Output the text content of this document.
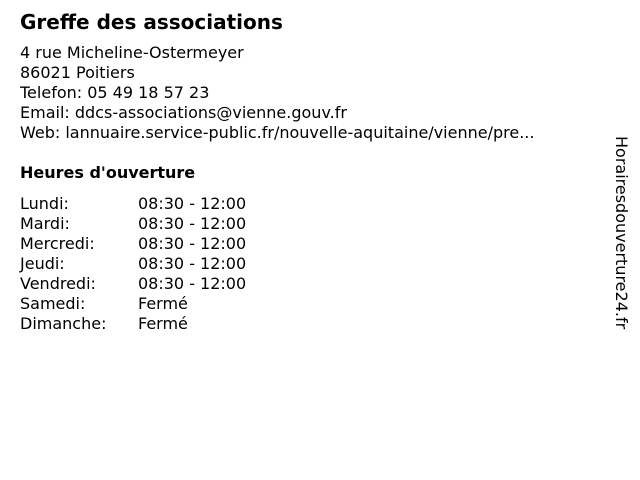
Greffe des associations
4 rue Micheline-Ostermeyer
86021 Poitiers
Telefon: 05 49 18 57 23
Email: ddcs-associations@vienne.gouv.fr
Web: lannuaire.service-public.fr/nouvelle-aquitaine/vienne/pre...
Heures d'ouverture
Lundi:	08:30 - 12:00
Mardi:	08:30 - 12:00
Mercredi:	08:30 - 12:00
Jeudi:	08:30 - 12:00
Vendredi:	08:30 - 12:00
Samedi:	Fermé
Dimanche: Fermé	Horairesdouverture24.fr
